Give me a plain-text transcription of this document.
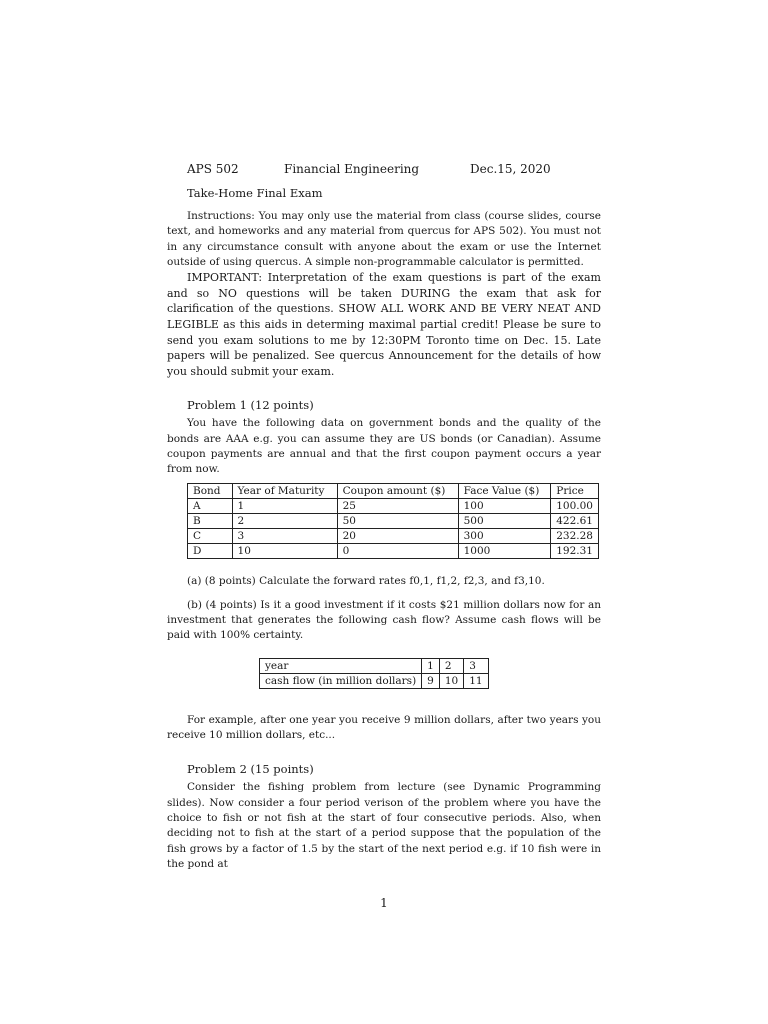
APS 502	Financial Engineering	Dec.15, 2020
Take-Home Final Exam

Instructions: You may only use the material from class (course slides, course text, and homeworks and any material from quercus for APS 502). You must not in any circumstance consult with anyone about the exam or use the Internet outside of using quercus. A simple non-programmable calculator is permitted.

IMPORTANT: Interpretation of the exam questions is part of the exam and so NO questions will be taken DURING the exam that ask for clarification of the questions. SHOW ALL WORK AND BE VERY NEAT AND LEGIBLE as this aids in determing maximal partial credit! Please be sure to send you exam solutions to me by 12:30PM Toronto time on Dec. 15. Late papers will be penalized. See quercus Announcement for the details of how you should submit your exam.

Problem 1 (12 points)

You have the following data on government bonds and the quality of the bonds are AAA e.g. you can assume they are US bonds (or Canadian). Assume coupon payments are annual and that the first coupon payment occurs a year from now.

Bond	Year of Maturity	Coupon amount ($)	Face Value ($)	Price
A	1	25	100	100.00
B	2	50	500	422.61
C	3	20	300	232.28
D	10	0	1000	192.31

(a) (8 points) Calculate the forward rates f0,1, f1,2, f2,3, and f3,10.

(b) (4 points) Is it a good investment if it costs $21 million dollars now for an investment that generates the following cash flow? Assume cash flows will be paid with 100% certainty.

year	1	2	3
cash flow (in million dollars)	9	10	11

For example, after one year you receive 9 million dollars, after two years you receive 10 million dollars, etc...

Problem 2 (15 points)

Consider the fishing problem from lecture (see Dynamic Programming slides). Now consider a four period verison of the problem where you have the choice to fish or not fish at the start of four consecutive periods. Also, when deciding not to fish at the start of a period suppose that the population of the fish grows by a factor of 1.5 by the start of the next period e.g. if 10 fish were in the pond at

1
